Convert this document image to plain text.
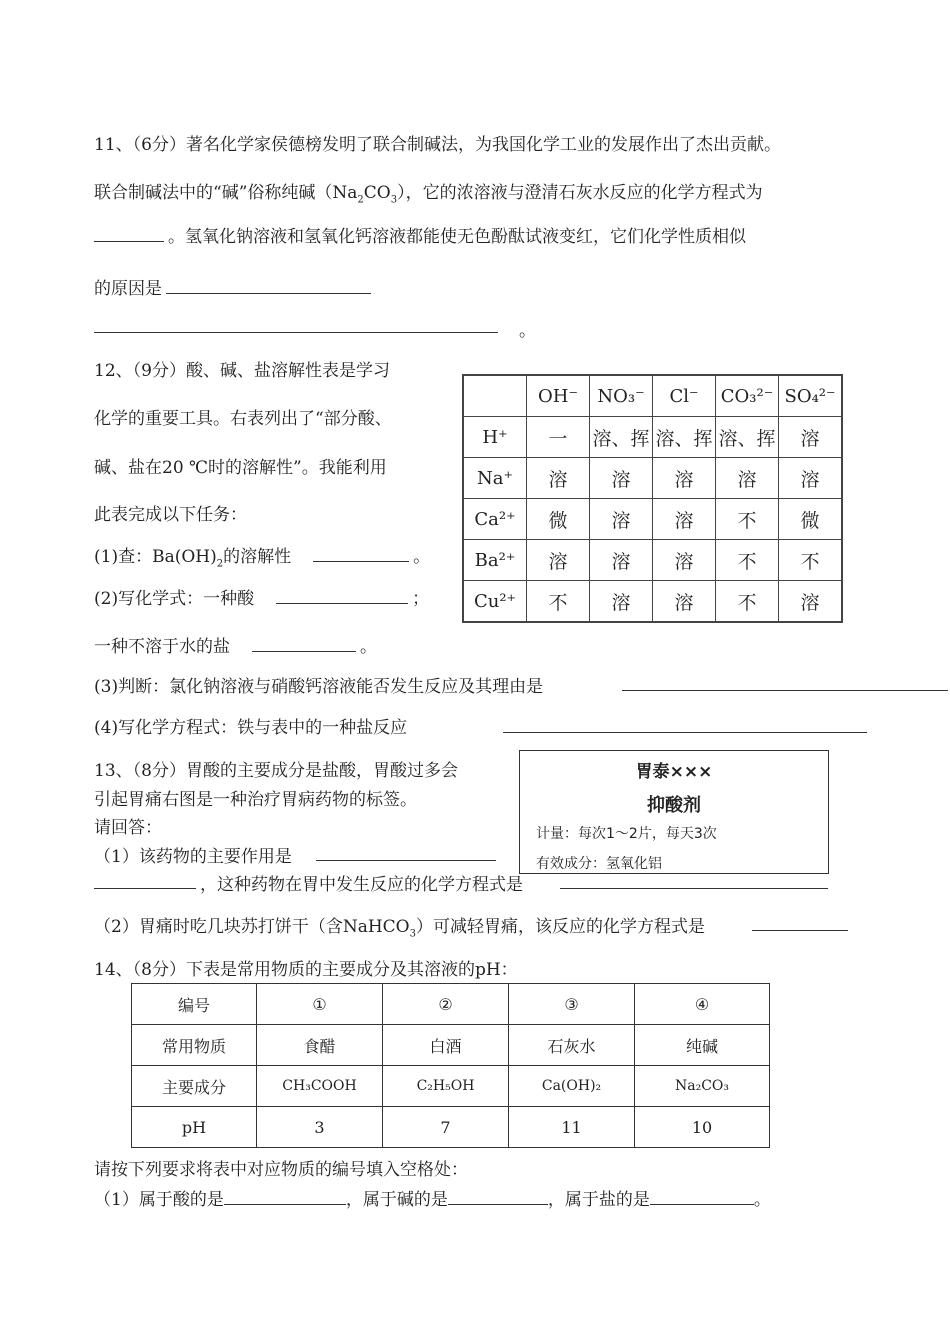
11、（6分）著名化学家侯德榜发明了联合制碱法，为我国化学工业的发展作出了杰出贡献。
联合制碱法中的“碱”俗称纯碱$(Na_2CO_3)$，它的浓溶液与澄清石灰水反应的化学方程式为
。氢氧化钠溶液和氢氧化钙溶液都能使无色酚酞试液变红，它们化学性质相似
的原因是
。
12、（9分）酸、碱、盐溶解性表是学习
化学的重要工具。右表列出了“部分酸、
碱、盐在20 ℃时的溶解性”。我能利用
此表完成以下任务：
(1)查：$Ba(OH)_2$的溶解性	。
(2)写化学式：一种酸	；
一种不溶于水的盐	。
(3)判断：氯化钠溶液与硝酸钙溶液能否发生反应及其理由是
(4)写化学方程式：铁与表中的一种盐反应
	OH⁻	NO₃⁻	Cl⁻	CO₃²⁻	SO₄²⁻
H⁺	一	溶、挥	溶、挥	溶、挥	溶
Na⁺	溶	溶	溶	溶	溶
Ca²⁺	微	溶	溶	不	微
Ba²⁺	溶	溶	溶	不	不
Cu²⁺	不	溶	溶	不	溶
13、（8分）胃酸的主要成分是盐酸，胃酸过多会
引起胃痛右图是一种治疗胃病药物的标签。
请回答：
（1）该药物的主要作用是
，这种药物在胃中发生反应的化学方程式是
（2）胃痛时吃几块苏打饼干（含NaHCO$_3$）可减轻胃痛，该反应的化学方程式是
胃泰×××
抑酸剂
计量：每次1～2片，每天3次
有效成分：氢氧化铝
14、（8分）下表是常用物质的主要成分及其溶液的pH：
编号	①	②	③	④
常用物质	食醋	白酒	石灰水	纯碱
主要成分	CH₃COOH	C₂H₅OH	Ca(OH)₂	Na₂CO₃
pH	3	7	11	10
请按下列要求将表中对应物质的编号填入空格处：
（1）属于酸的是	，属于碱的是	，属于盐的是	。
